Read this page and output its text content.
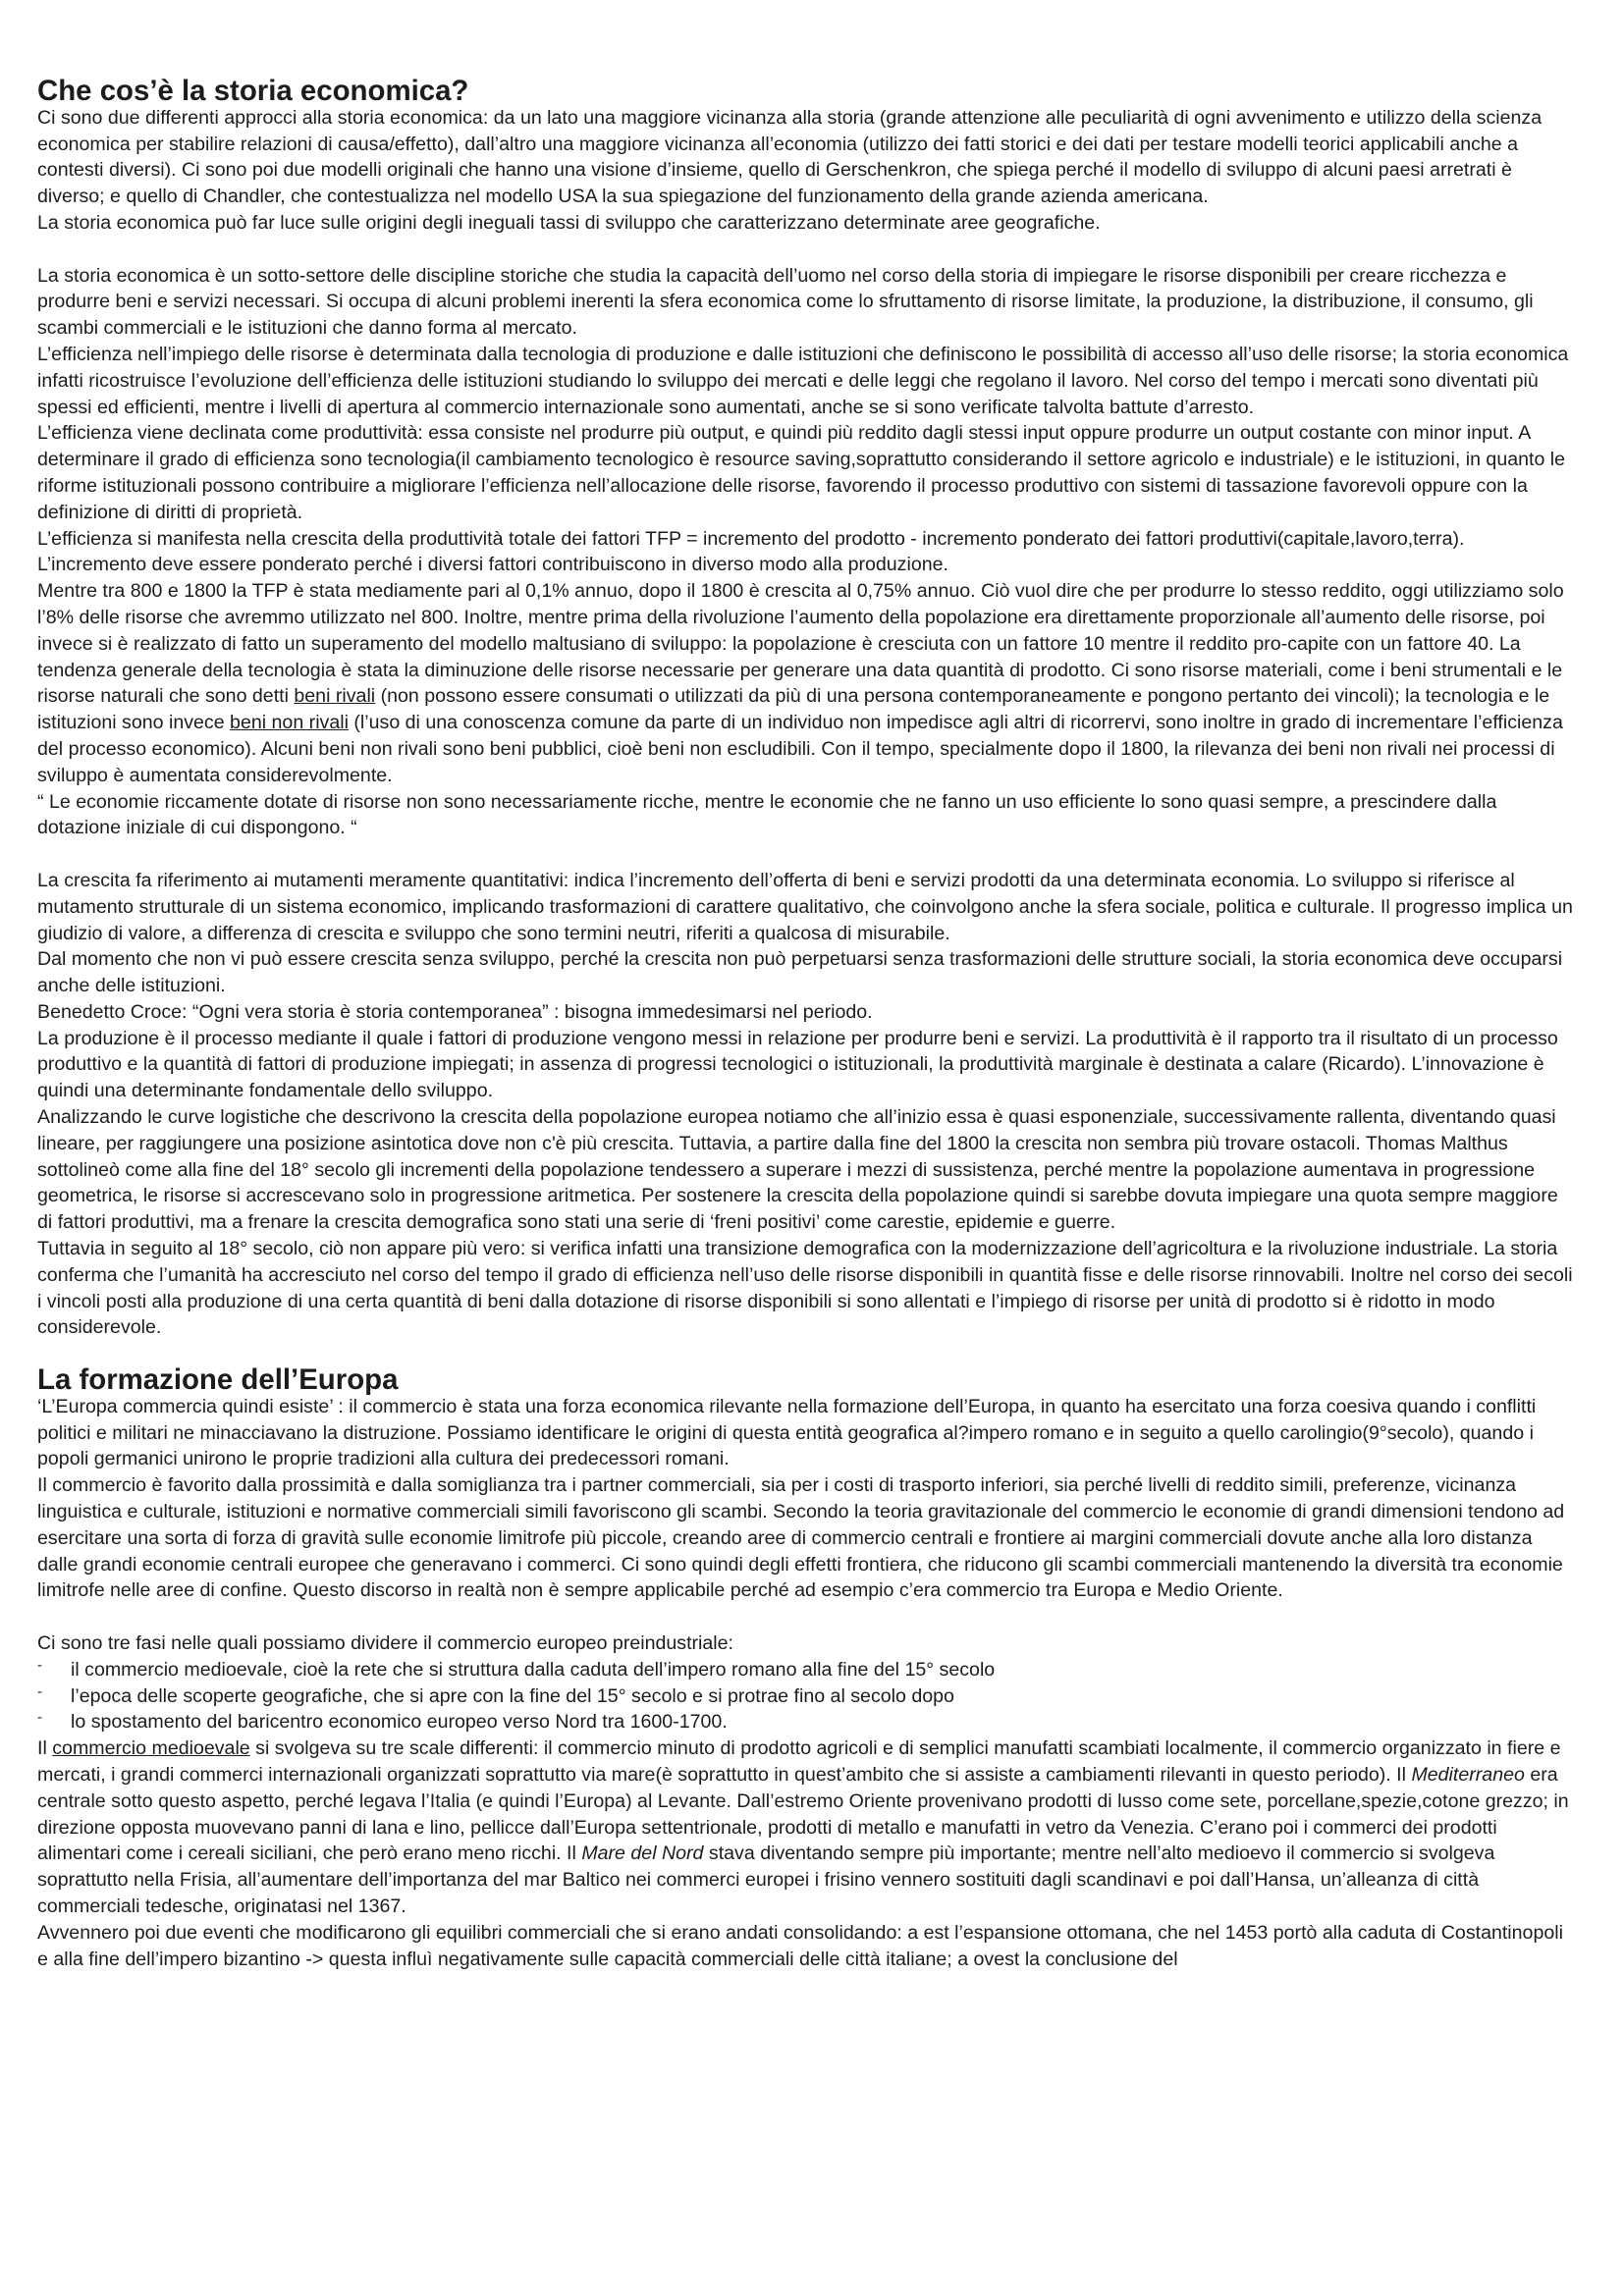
Che cos’è la storia economica?

Ci sono due differenti approcci alla storia economica: da un lato una maggiore vicinanza alla storia (grande attenzione alle peculiarità di ogni avvenimento e utilizzo della scienza economica per stabilire relazioni di causa/effetto), dall’altro una maggiore vicinanza all’economia (utilizzo dei fatti storici e dei dati per testare modelli teorici applicabili anche a contesti diversi). Ci sono poi due modelli originali che hanno una visione d’insieme, quello di Gerschenkron, che spiega perché il modello di sviluppo di alcuni paesi arretrati è diverso; e quello di Chandler, che contestualizza nel modello USA la sua spiegazione del funzionamento della grande azienda americana.

La storia economica può far luce sulle origini degli ineguali tassi di sviluppo che caratterizzano determinate aree geografiche.

La storia economica è un sotto-settore delle discipline storiche che studia la capacità dell’uomo nel corso della storia di impiegare le risorse disponibili per creare ricchezza e produrre beni e servizi necessari. Si occupa di alcuni problemi inerenti la sfera economica come lo sfruttamento di risorse limitate, la produzione, la distribuzione, il consumo, gli scambi commerciali e le istituzioni che danno forma al mercato.

L’efficienza nell’impiego delle risorse è determinata dalla tecnologia di produzione e dalle istituzioni che definiscono le possibilità di accesso all’uso delle risorse; la storia economica infatti ricostruisce l’evoluzione dell’efficienza delle istituzioni studiando lo sviluppo dei mercati e delle leggi che regolano il lavoro. Nel corso del tempo i mercati sono diventati più spessi ed efficienti, mentre i livelli di apertura al commercio internazionale sono aumentati, anche se si sono verificate talvolta battute d’arresto.

L’efficienza viene declinata come produttività: essa consiste nel produrre più output, e quindi più reddito dagli stessi input oppure produrre un output costante con minor input. A determinare il grado di efficienza sono tecnologia(il cambiamento tecnologico è resource saving,soprattutto considerando il settore agricolo e industriale) e le istituzioni, in quanto le riforme istituzionali possono contribuire a migliorare l’efficienza nell’allocazione delle risorse, favorendo il processo produttivo con sistemi di tassazione favorevoli oppure con la definizione di diritti di proprietà.

L’efficienza si manifesta nella crescita della produttività totale dei fattori TFP = incremento del prodotto - incremento ponderato dei fattori produttivi(capitale,lavoro,terra). L’incremento deve essere ponderato perché i diversi fattori contribuiscono in diverso modo alla produzione.

Mentre tra 800 e 1800 la TFP è stata mediamente pari al 0,1% annuo, dopo il 1800 è crescita al 0,75% annuo. Ciò vuol dire che per produrre lo stesso reddito, oggi utilizziamo solo l’8% delle risorse che avremmo utilizzato nel 800. Inoltre, mentre prima della rivoluzione l’aumento della popolazione era direttamente proporzionale all’aumento delle risorse, poi invece si è realizzato di fatto un superamento del modello maltusiano di sviluppo: la popolazione è cresciuta con un fattore 10 mentre il reddito pro-capite con un fattore 40. La tendenza generale della tecnologia è stata la diminuzione delle risorse necessarie per generare una data quantità di prodotto. Ci sono risorse materiali, come i beni strumentali e le risorse naturali che sono detti beni rivali (non possono essere consumati o utilizzati da più di una persona contemporaneamente e pongono pertanto dei vincoli); la tecnologia e le istituzioni sono invece beni non rivali (l’uso di una conoscenza comune da parte di un individuo non impedisce agli altri di ricorrervi, sono inoltre in grado di incrementare l’efficienza del processo economico). Alcuni beni non rivali sono beni pubblici, cioè beni non escludibili. Con il tempo, specialmente dopo il 1800, la rilevanza dei beni non rivali nei processi di sviluppo è aumentata considerevolmente.

“ Le economie riccamente dotate di risorse non sono necessariamente ricche, mentre le economie che ne fanno un uso efficiente lo sono quasi sempre, a prescindere dalla dotazione iniziale di cui dispongono. “

La crescita fa riferimento ai mutamenti meramente quantitativi: indica l’incremento dell’offerta di beni e servizi prodotti da una determinata economia. Lo sviluppo si riferisce al mutamento strutturale di un sistema economico, implicando trasformazioni di carattere qualitativo, che coinvolgono anche la sfera sociale, politica e culturale. Il progresso implica un giudizio di valore, a differenza di crescita e sviluppo che sono termini neutri, riferiti a qualcosa di misurabile.

Dal momento che non vi può essere crescita senza sviluppo, perché la crescita non può perpetuarsi senza trasformazioni delle strutture sociali, la storia economica deve occuparsi anche delle istituzioni.

Benedetto Croce: “Ogni vera storia è storia contemporanea” : bisogna immedesimarsi nel periodo.

La produzione è il processo mediante il quale i fattori di produzione vengono messi in relazione per produrre beni e servizi. La produttività è il rapporto tra il risultato di un processo produttivo e la quantità di fattori di produzione impiegati; in assenza di progressi tecnologici o istituzionali, la produttività marginale è destinata a calare (Ricardo). L’innovazione è quindi una determinante fondamentale dello sviluppo.

Analizzando le curve logistiche che descrivono la crescita della popolazione europea notiamo che all’inizio essa è quasi esponenziale, successivamente rallenta, diventando quasi lineare, per raggiungere una posizione asintotica dove non c'è più crescita. Tuttavia, a partire dalla fine del 1800 la crescita non sembra più trovare ostacoli. Thomas Malthus sottolineò come alla fine del 18° secolo gli incrementi della popolazione tendessero a superare i mezzi di sussistenza, perché mentre la popolazione aumentava in progressione geometrica, le risorse si accrescevano solo in progressione aritmetica. Per sostenere la crescita della popolazione quindi si sarebbe dovuta impiegare una quota sempre maggiore di fattori produttivi, ma a frenare la crescita demografica sono stati una serie di ‘freni positivi’ come carestie, epidemie e guerre.

Tuttavia in seguito al 18° secolo, ciò non appare più vero: si verifica infatti una transizione demografica con la modernizzazione dell’agricoltura e la rivoluzione industriale. La storia conferma che l’umanità ha accresciuto nel corso del tempo il grado di efficienza nell’uso delle risorse disponibili in quantità fisse e delle risorse rinnovabili. Inoltre nel corso dei secoli i vincoli posti alla produzione di una certa quantità di beni dalla dotazione di risorse disponibili si sono allentati e l’impiego di risorse per unità di prodotto si è ridotto in modo considerevole.

La formazione dell’Europa

‘L’Europa commercia quindi esiste’ : il commercio è stata una forza economica rilevante nella formazione dell’Europa, in quanto ha esercitato una forza coesiva quando i conflitti politici e militari ne minacciavano la distruzione. Possiamo identificare le origini di questa entità geografica al?impero romano e in seguito a quello carolingio(9°secolo), quando i popoli germanici unirono le proprie tradizioni alla cultura dei predecessori romani.

Il commercio è favorito dalla prossimità e dalla somiglianza tra i partner commerciali, sia per i costi di trasporto inferiori, sia perché livelli di reddito simili, preferenze, vicinanza linguistica e culturale, istituzioni e normative commerciali simili favoriscono gli scambi. Secondo la teoria gravitazionale del commercio le economie di grandi dimensioni tendono ad esercitare una sorta di forza di gravità sulle economie limitrofe più piccole, creando aree di commercio centrali e frontiere ai margini commerciali dovute anche alla loro distanza dalle grandi economie centrali europee che generavano i commerci. Ci sono quindi degli effetti frontiera, che riducono gli scambi commerciali mantenendo la diversità tra economie limitrofe nelle aree di confine. Questo discorso in realtà non è sempre applicabile perché ad esempio c’era commercio tra Europa e Medio Oriente.

Ci sono tre fasi nelle quali possiamo dividere il commercio europeo preindustriale:

- il commercio medioevale, cioè la rete che si struttura dalla caduta dell’impero romano alla fine del 15° secolo
- l’epoca delle scoperte geografiche, che si apre con la fine del 15° secolo e si protrae fino al secolo dopo
- lo spostamento del baricentro economico europeo verso Nord tra 1600-1700.

Il commercio medioevale si svolgeva su tre scale differenti: il commercio minuto di prodotto agricoli e di semplici manufatti scambiati localmente, il commercio organizzato in fiere e mercati, i grandi commerci internazionali organizzati soprattutto via mare(è soprattutto in quest’ambito che si assiste a cambiamenti rilevanti in questo periodo). Il Mediterraneo era centrale sotto questo aspetto, perché legava l’Italia (e quindi l’Europa) al Levante. Dall’estremo Oriente provenivano prodotti di lusso come sete, porcellane,spezie,cotone grezzo; in direzione opposta muovevano panni di lana e lino, pellicce dall’Europa settentrionale, prodotti di metallo e manufatti in vetro da Venezia. C’erano poi i commerci dei prodotti alimentari come i cereali siciliani, che però erano meno ricchi. Il Mare del Nord stava diventando sempre più importante; mentre nell’alto medioevo il commercio si svolgeva soprattutto nella Frisia, all’aumentare dell’importanza del mar Baltico nei commerci europei i frisino vennero sostituiti dagli scandinavi e poi dall’Hansa, un’alleanza di città commerciali tedesche, originatasi nel 1367.

Avvennero poi due eventi che modificarono gli equilibri commerciali che si erano andati consolidando: a est l’espansione ottomana, che nel 1453 portò alla caduta di Costantinopoli e alla fine dell’impero bizantino -> questa influì negativamente sulle capacità commerciali delle città italiane; a ovest la conclusione del
